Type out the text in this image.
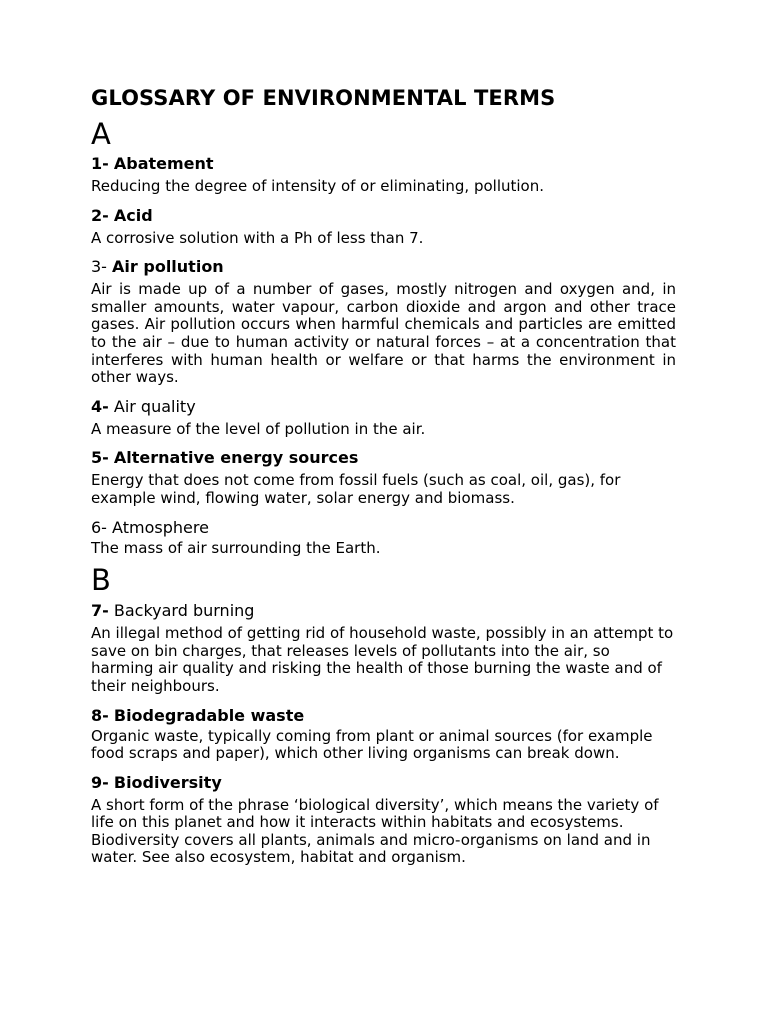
GLOSSARY OF ENVIRONMENTAL TERMS
A

1- Abatement

Reducing the degree of intensity of or eliminating, pollution.

2- Acid

A corrosive solution with a Ph of less than 7.

3- Air pollution

Air is made up of a number of gases, mostly nitrogen and oxygen and, in smaller amounts, water vapour, carbon dioxide and argon and other trace gases. Air pollution occurs when harmful chemicals and particles are emitted to the air – due to human activity or natural forces – at a concentration that interferes with human health or welfare or that harms the environment in other ways.

4- Air quality

A measure of the level of pollution in the air.

5- Alternative energy sources

Energy that does not come from fossil fuels (such as coal, oil, gas), for example wind, flowing water, solar energy and biomass.

6- Atmosphere

The mass of air surrounding the Earth.

B

7- Backyard burning

An illegal method of getting rid of household waste, possibly in an attempt to save on bin charges, that releases levels of pollutants into the air, so harming air quality and risking the health of those burning the waste and of their neighbours.

8- Biodegradable waste

Organic waste, typically coming from plant or animal sources (for example food scraps and paper), which other living organisms can break down.

9- Biodiversity

A short form of the phrase ‘biological diversity’, which means the variety of life on this planet and how it interacts within habitats and ecosystems. Biodiversity covers all plants, animals and micro-organisms on land and in water. See also ecosystem, habitat and organism.
